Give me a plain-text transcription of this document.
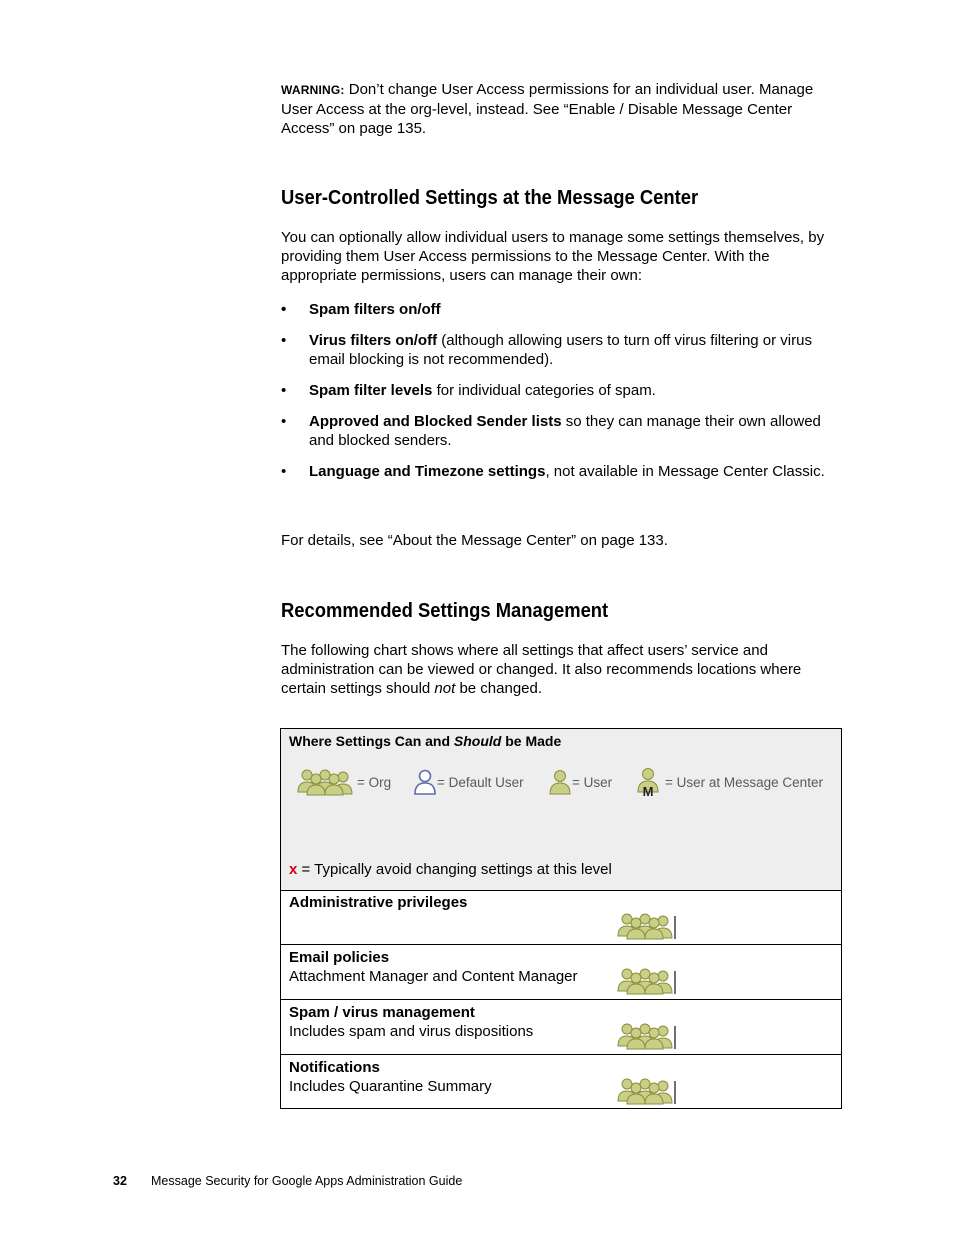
WARNING: Don’t change User Access permissions for an individual user. Manage User Access at the org-level, instead. See “Enable / Disable Message Center Access” on page 135.

User-Controlled Settings at the Message Center

You can optionally allow individual users to manage some settings themselves, by providing them User Access permissions to the Message Center. With the appropriate permissions, users can manage their own:

• Spam filters on/off
• Virus filters on/off (although allowing users to turn off virus filtering or virus email blocking is not recommended).
• Spam filter levels for individual categories of spam.
• Approved and Blocked Sender lists so they can manage their own allowed and blocked senders.
• Language and Timezone settings, not available in Message Center Classic.

For details, see “About the Message Center” on page 133.

Recommended Settings Management

The following chart shows where all settings that affect users’ service and administration can be viewed or changed. It also recommends locations where certain settings should not be changed.

Where Settings Can and Should be Made
= Org	= Default User	= User
M
= User at Message Center
x = Typically avoid changing settings at this level
Administrative privileges
Email policies
Attachment Manager and Content Manager
Spam / virus management
Includes spam and virus dispositions
Notifications
Includes Quarantine Summary
32 Message Security for Google Apps Administration Guide
